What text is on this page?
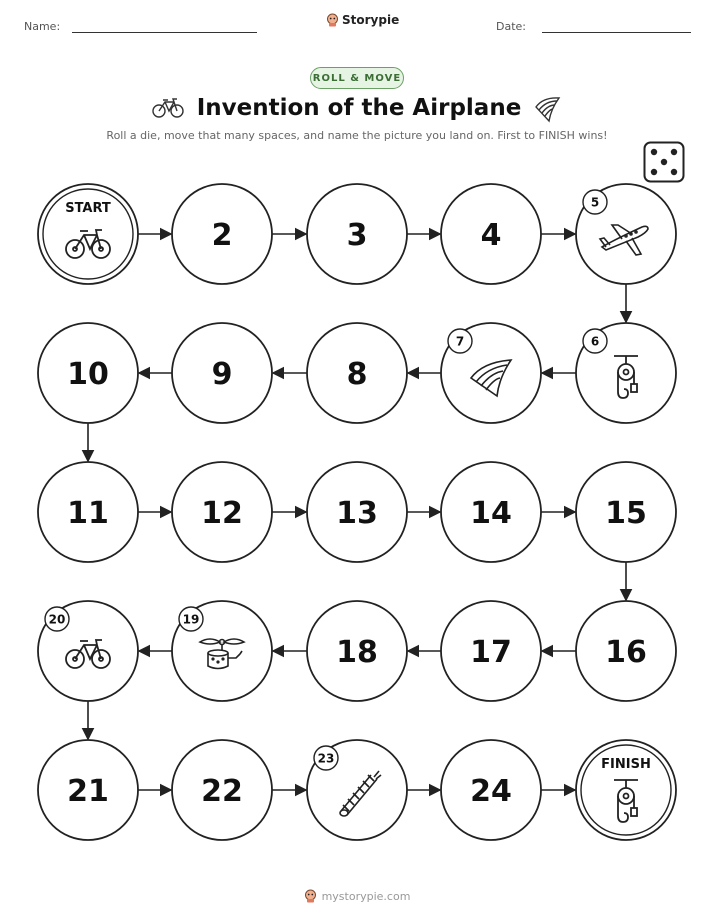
Name:	Storypie	Date:
ROLL & MOVE
Invention of the Airplane
Roll a die, move that many spaces, and name the picture you land on. First to FINISH wins!
START
2	3	4
5
6
7
8
9
10
11	12	13	14	15
16
17
18
19
20
21	22
23
24
FINISH
mystorypie.com
